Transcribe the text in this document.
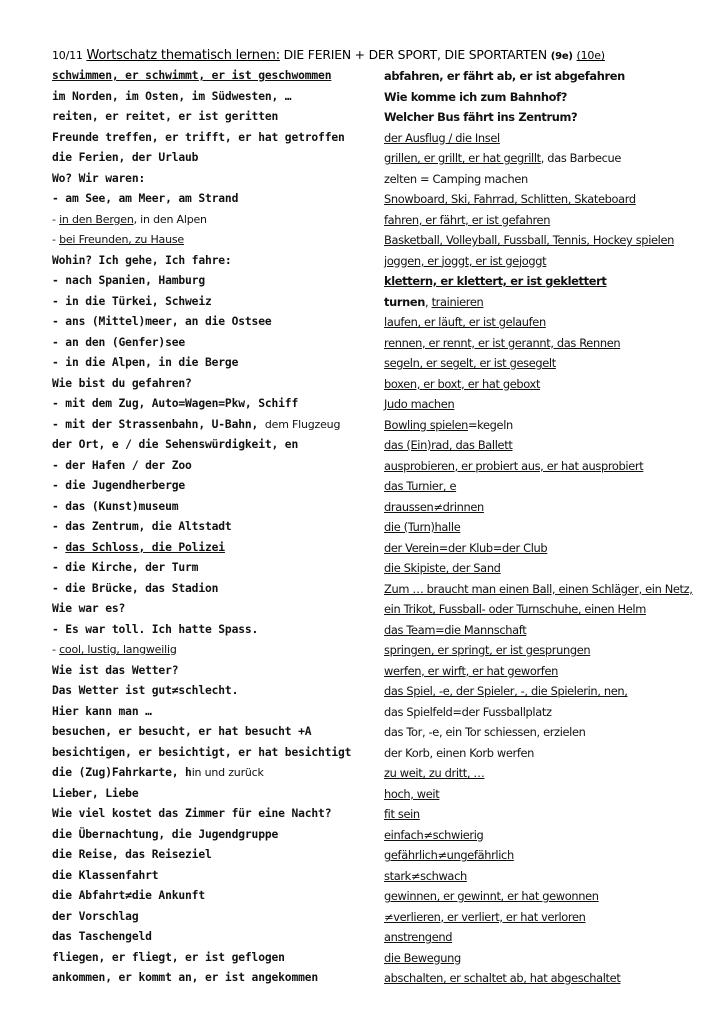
10/11 Wortschatz thematisch lernen: DIE FERIEN + DER SPORT, DIE SPORTARTEN (9e) (10e)
schwimmen, er schwimmt, er ist geschwommen
im Norden, im Osten, im Südwesten, …
reiten, er reitet, er ist geritten
Freunde treffen, er trifft, er hat getroffen
die Ferien, der Urlaub
Wo? Wir waren:
- am See, am Meer, am Strand
- in den Bergen, in den Alpen
- bei Freunden, zu Hause
Wohin? Ich gehe, Ich fahre:
- nach Spanien, Hamburg
- in die Türkei, Schweiz
- ans (Mittel)meer, an die Ostsee
- an den (Genfer)see
- in die Alpen, in die Berge
Wie bist du gefahren?
- mit dem Zug, Auto=Wagen=Pkw, Schiff
- mit der Strassenbahn, U-Bahn, dem Flugzeug
der Ort, e / die Sehenswürdigkeit, en
- der Hafen / der Zoo
- die Jugendherberge
- das (Kunst)museum
- das Zentrum, die Altstadt
- das Schloss, die Polizei
- die Kirche, der Turm
- die Brücke, das Stadion
Wie war es?
- Es war toll. Ich hatte Spass.
- cool, lustig, langweilig
Wie ist das Wetter?
Das Wetter ist gut≠schlecht.
Hier kann man …
besuchen, er besucht, er hat besucht +A
besichtigen, er besichtigt, er hat besichtigt
die (Zug)Fahrkarte, hin und zurück
Lieber, Liebe
Wie viel kostet das Zimmer für eine Nacht?
die Übernachtung, die Jugendgruppe
die Reise, das Reiseziel
die Klassenfahrt
die Abfahrt≠die Ankunft
der Vorschlag
das Taschengeld
fliegen, er fliegt, er ist geflogen
ankommen, er kommt an, er ist angekommen
abfahren, er fährt ab, er ist abgefahren
Wie komme ich zum Bahnhof?
Welcher Bus fährt ins Zentrum?
der Ausflug / die Insel
grillen, er grillt, er hat gegrillt, das Barbecue
zelten = Camping machen
Snowboard, Ski, Fahrrad, Schlitten, Skateboard
fahren, er fährt, er ist gefahren
Basketball, Volleyball, Fussball, Tennis, Hockey spielen
joggen, er joggt, er ist gejoggt
klettern, er klettert, er ist geklettert
turnen, trainieren
laufen, er läuft, er ist gelaufen
rennen, er rennt, er ist gerannt, das Rennen
segeln, er segelt, er ist gesegelt
boxen, er boxt, er hat geboxt
Judo machen
Bowling spielen=kegeln
das (Ein)rad, das Ballett
ausprobieren, er probiert aus, er hat ausprobiert
das Turnier, e
draussen≠drinnen
die (Turn)halle
der Verein=der Klub=der Club
die Skipiste, der Sand
Zum … braucht man einen Ball, einen Schläger, ein Netz,
ein Trikot, Fussball- oder Turnschuhe, einen Helm
das Team=die Mannschaft
springen, er springt, er ist gesprungen
werfen, er wirft, er hat geworfen
das Spiel, -e, der Spieler, -, die Spielerin, nen,
das Spielfeld=der Fussballplatz
das Tor, -e, ein Tor schiessen, erzielen
der Korb, einen Korb werfen
zu weit, zu dritt, …
hoch, weit
fit sein
einfach≠schwierig
gefährlich≠ungefährlich
stark≠schwach
gewinnen, er gewinnt, er hat gewonnen
≠verlieren, er verliert, er hat verloren
anstrengend
die Bewegung
abschalten, er schaltet ab, hat abgeschaltet
